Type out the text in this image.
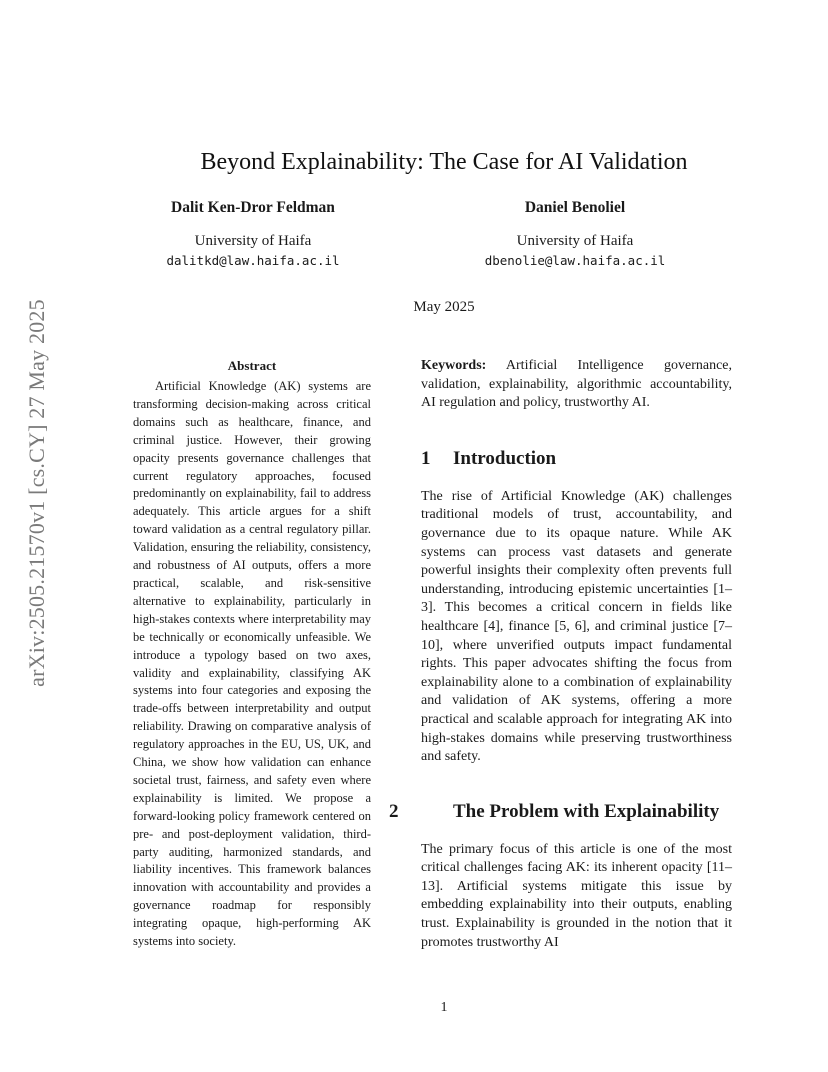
arXiv:2505.21570v1 [cs.CY] 27 May 2025
Beyond Explainability: The Case for AI Validation
Dalit Ken-Dror Feldman
University of Haifa
dalitkd@law.haifa.ac.il
Daniel Benoliel
University of Haifa
dbenolie@law.haifa.ac.il
May 2025

Abstract

Artificial Knowledge (AK) systems are transforming decision-making across critical domains such as healthcare, finance, and criminal justice. However, their growing opacity presents governance challenges that current regulatory approaches, focused predominantly on explainability, fail to address adequately. This article argues for a shift toward validation as a central regulatory pillar. Validation, ensuring the reliability, consistency, and robustness of AI outputs, offers a more practical, scalable, and risk-sensitive alternative to explainability, particularly in high-stakes contexts where interpretability may be technically or economically unfeasible. We introduce a typology based on two axes, validity and explainability, classifying AK systems into four categories and exposing the trade-offs between interpretability and output reliability. Drawing on comparative analysis of regulatory approaches in the EU, US, UK, and China, we show how validation can enhance societal trust, fairness, and safety even where explainability is limited. We propose a forward-looking policy framework centered on pre- and post-deployment validation, third-party auditing, harmonized standards, and liability incentives. This framework balances innovation with accountability and provides a governance roadmap for responsibly integrating opaque, high-performing AK systems into society.

Keywords: Artificial Intelligence governance, validation, explainability, algorithmic accountability, AI regulation and policy, trustworthy AI.

1 Introduction

The rise of Artificial Knowledge (AK) challenges traditional models of trust, accountability, and governance due to its opaque nature. While AK systems can process vast datasets and generate powerful insights their complexity often prevents full understanding, introducing epistemic uncertainties [1–3]. This becomes a critical concern in fields like healthcare [4], finance [5, 6], and criminal justice [7–10], where unverified outputs impact fundamental rights. This paper advocates shifting the focus from explainability alone to a combination of explainability and validation of AK systems, offering a more practical and scalable approach for integrating AK into high-stakes domains while preserving trustworthiness and safety.

2	The Problem with Explainability

The primary focus of this article is one of the most critical challenges facing AK: its inherent opacity [11–13]. Artificial systems mitigate this issue by embedding explainability into their outputs, enabling trust. Explainability is grounded in the notion that it promotes trustworthy AI

1
